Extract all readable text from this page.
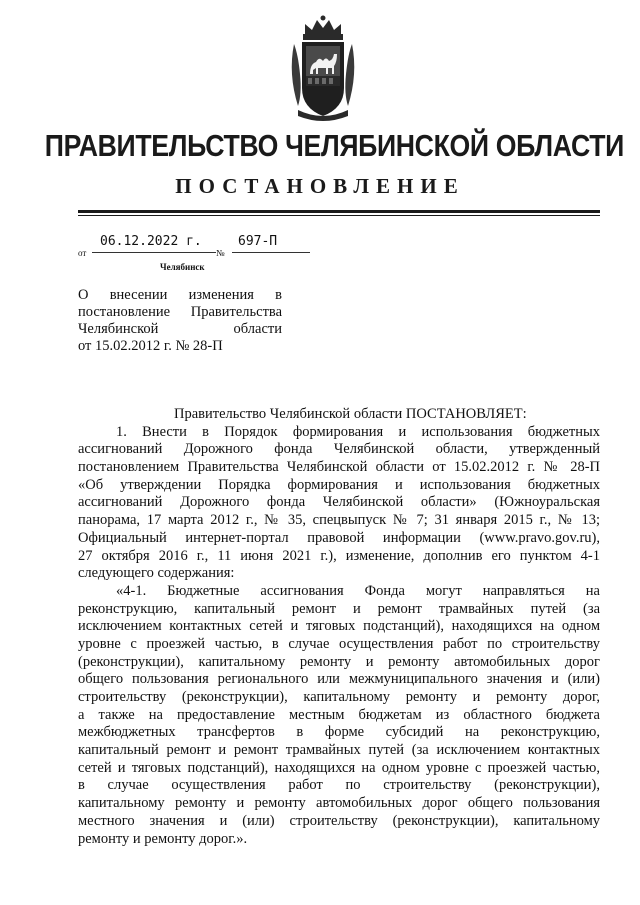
ПРАВИТЕЛЬСТВО ЧЕЛЯБИНСКОЙ ОБЛАСТИ
ПОСТАНОВЛЕНИЕ
от
06.12.2022 г.
№
697-П
Челябинск
О внесении изменения в
постановление Правительства
Челябинской области
от 15.02.2012 г. № 28-П
Правительство Челябинской области ПОСТАНОВЛЯЕТ:
1. Внести в Порядок формирования и использования бюджетных
ассигнований Дорожного фонда Челябинской области, утвержденный
постановлением Правительства Челябинской области от 15.02.2012 г. № 28-П
«Об утверждении Порядка формирования и использования бюджетных
ассигнований Дорожного фонда Челябинской области» (Южноуральская
панорама, 17 марта 2012 г., № 35, спецвыпуск № 7; 31 января 2015 г., № 13;
Официальный интернет-портал правовой информации (www.pravo.gov.ru),
27 октября 2016 г., 11 июня 2021 г.), изменение, дополнив его пунктом 4-1
следующего содержания:
«4-1. Бюджетные ассигнования Фонда могут направляться на
реконструкцию, капитальный ремонт и ремонт трамвайных путей (за
исключением контактных сетей и тяговых подстанций), находящихся на одном
уровне с проезжей частью, в случае осуществления работ по строительству
(реконструкции), капитальному ремонту и ремонту автомобильных дорог
общего пользования регионального или межмуниципального значения и (или)
строительству (реконструкции), капитальному ремонту и ремонту дорог,
а также на предоставление местным бюджетам из областного бюджета
межбюджетных трансфертов в форме субсидий на реконструкцию,
капитальный ремонт и ремонт трамвайных путей (за исключением контактных
сетей и тяговых подстанций), находящихся на одном уровне с проезжей частью,
в случае осуществления работ по строительству (реконструкции),
капитальному ремонту и ремонту автомобильных дорог общего пользования
местного значения и (или) строительству (реконструкции), капитальному
ремонту и ремонту дорог.».
